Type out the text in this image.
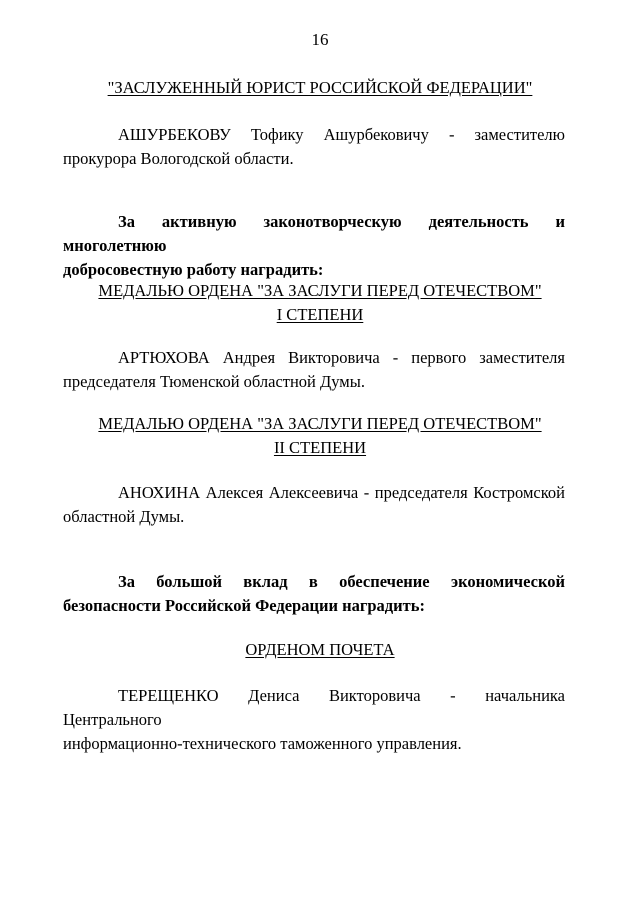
16
"ЗАСЛУЖЕННЫЙ ЮРИСТ РОССИЙСКОЙ ФЕДЕРАЦИИ"
АШУРБЕКОВУ Тофику Ашурбековичу - заместителю
прокурора Вологодской области.
За активную законотворческую деятельность и многолетнюю
добросовестную работу наградить:
МЕДАЛЬЮ ОРДЕНА "ЗА ЗАСЛУГИ ПЕРЕД ОТЕЧЕСТВОМ"
I СТЕПЕНИ
АРТЮХОВА Андрея Викторовича - первого заместителя
председателя Тюменской областной Думы.
МЕДАЛЬЮ ОРДЕНА "ЗА ЗАСЛУГИ ПЕРЕД ОТЕЧЕСТВОМ"
II СТЕПЕНИ
АНОХИНА Алексея Алексеевича - председателя Костромской
областной Думы.
За большой вклад в обеспечение экономической
безопасности Российской Федерации наградить:
ОРДЕНОМ ПОЧЕТА
ТЕРЕЩЕНКО Дениса Викторовича - начальника Центрального
информационно-технического таможенного управления.
